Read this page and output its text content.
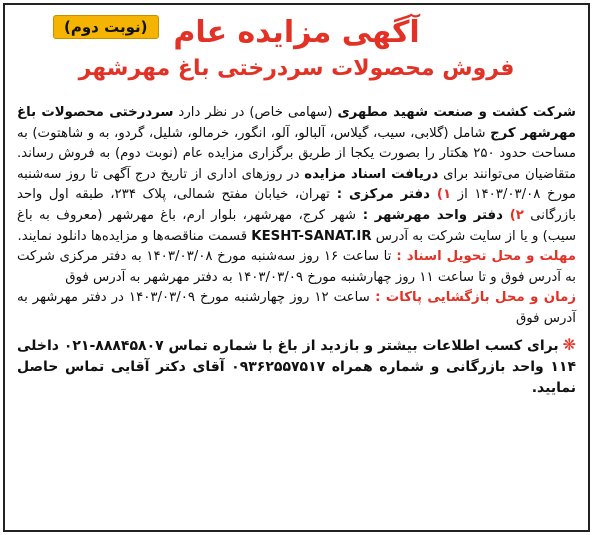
(نوبت دوم) آگهی مزایده عام
فروش محصولات سردرختی باغ مهرشهر

شرکت کشت و صنعت شهید مطهری (سهامی خاص) در نظر دارد سردرختی محصولات باغ مهرشهر کرج شامل (گلابی، سیب، گیلاس، آلبالو، آلو، انگور، خرمالو، شلیل، گردو، به و شاهتوت) به مساحت حدود ۲۵۰ هکتار را بصورت یکجا از طریق برگزاری مزایده عام (نوبت دوم) به فروش رساند. متقاضیان می‌توانند برای دریافت اسناد مزایده در روزهای اداری از تاریخ درج آگهی تا روز سه‌شنبه مورخ ۱۴۰۳/۰۳/۰۸ از ۱) دفتر مرکزی : تهران، خیابان مفتح شمالی، پلاک ۲۳۴، طبقه اول واحد بازرگانی ۲) دفتر واحد مهرشهر : شهر کرج، مهرشهر، بلوار ارم، باغ مهرشهر (معروف به باغ سیب) و یا از سایت شرکت به آدرس KESHT-SANAT.IR قسمت مناقصه‌ها و مزایده‌ها دانلود نمایند.

مهلت و محل تحویل اسناد : تا ساعت ۱۶ روز سه‌شنبه مورخ ۱۴۰۳/۰۳/۰۸ به دفتر مرکزی شرکت به آدرس فوق و تا ساعت ۱۱ روز چهارشنبه مورخ ۱۴۰۳/۰۳/۰۹ به دفتر مهرشهر به آدرس فوق

زمان و محل بازگشایی پاکات : ساعت ۱۲ روز چهارشنبه مورخ ۱۴۰۳/۰۳/۰۹ در دفتر مهرشهر به آدرس فوق

❋برای کسب اطلاعات بیشتر و بازدید از باغ با شماره تماس ۸۸۸۴۵۸۰۷-۰۲۱ داخلی ۱۱۴ واحد بازرگانی و شماره همراه ۰۹۳۶۲۵۵۷۵۱۷ آقای دکتر آقایی تماس حاصل نمایید.
